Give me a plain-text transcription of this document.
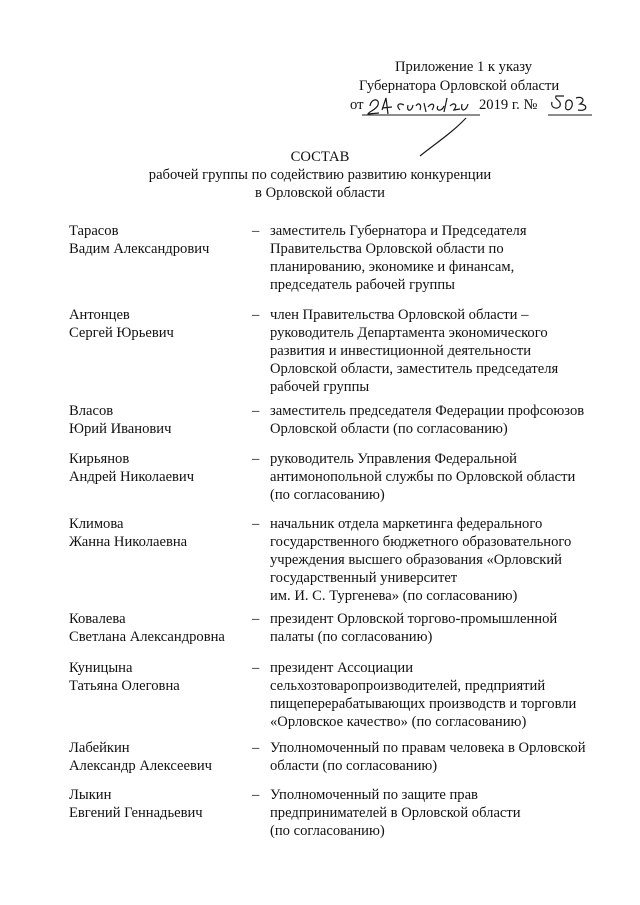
Приложение 1 к указу
Губернатора Орловской области
от	2019 г. №
СОСТАВ
рабочей группы по содействию развитию конкуренции
в Орловской области
Тарасов
Вадим Александрович
– заместитель Губернатора и Председателя
Правительства Орловской области по
планированию, экономике и финансам,
председатель рабочей группы
Антонцев
Сергей Юрьевич
– член Правительства Орловской области –
руководитель Департамента экономического
развития и инвестиционной деятельности
Орловской области, заместитель председателя
рабочей группы
Власов
Юрий Иванович
– заместитель председателя Федерации профсоюзов
Орловской области (по согласованию)
Кирьянов
Андрей Николаевич
– руководитель Управления Федеральной
антимонопольной службы по Орловской области
(по согласованию)
Климова
Жанна Николаевна
– начальник отдела маркетинга федерального
государственного бюджетного образовательного
учреждения высшего образования «Орловский
государственный университет
им. И. С. Тургенева» (по согласованию)
Ковалева
Светлана Александровна
– президент Орловской торгово-промышленной
палаты (по согласованию)
Куницына
Татьяна Олеговна
– президент Ассоциации
сельхозтоваропроизводителей, предприятий
пищеперерабатывающих производств и торговли
«Орловское качество» (по согласованию)
Лабейкин
Александр Алексеевич
– Уполномоченный по правам человека в Орловской
области (по согласованию)
Лыкин
Евгений Геннадьевич
– Уполномоченный по защите прав
предпринимателей в Орловской области
(по согласованию)
